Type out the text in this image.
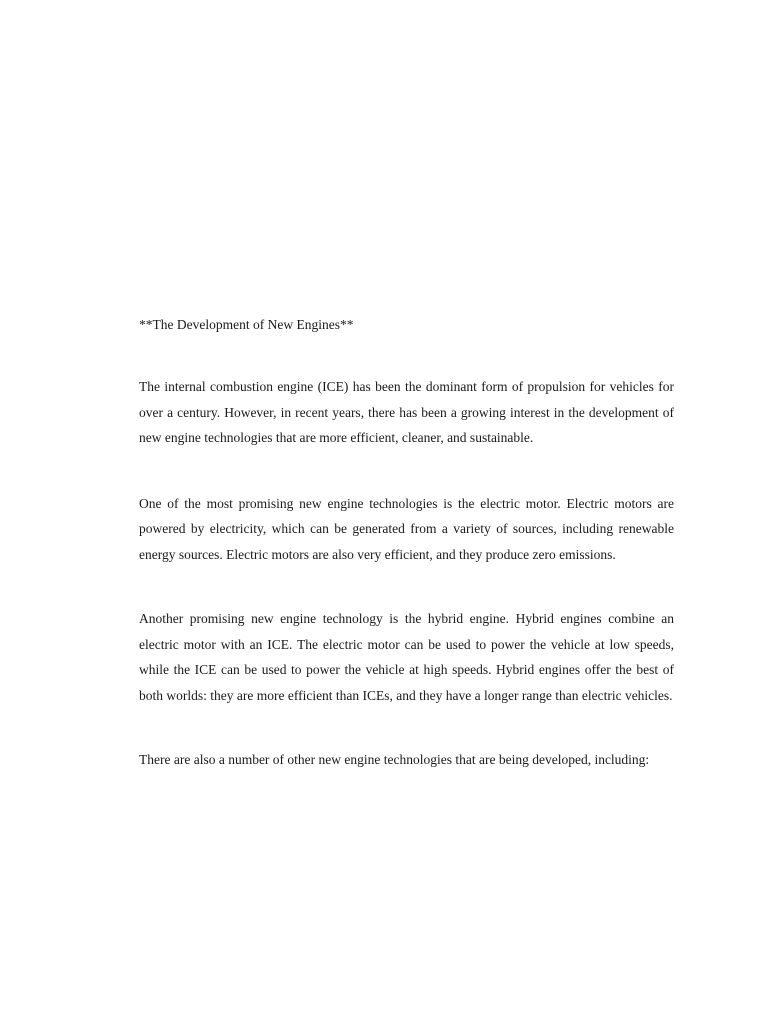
**The Development of New Engines**

The internal combustion engine (ICE) has been the dominant form of propulsion for vehicles for over a century. However, in recent years, there has been a growing interest in the development of new engine technologies that are more efficient, cleaner, and sustainable.

One of the most promising new engine technologies is the electric motor. Electric motors are powered by electricity, which can be generated from a variety of sources, including renewable energy sources. Electric motors are also very efficient, and they produce zero emissions.

Another promising new engine technology is the hybrid engine. Hybrid engines combine an electric motor with an ICE. The electric motor can be used to power the vehicle at low speeds, while the ICE can be used to power the vehicle at high speeds. Hybrid engines offer the best of both worlds: they are more efficient than ICEs, and they have a longer range than electric vehicles.

There are also a number of other new engine technologies that are being developed, including:
